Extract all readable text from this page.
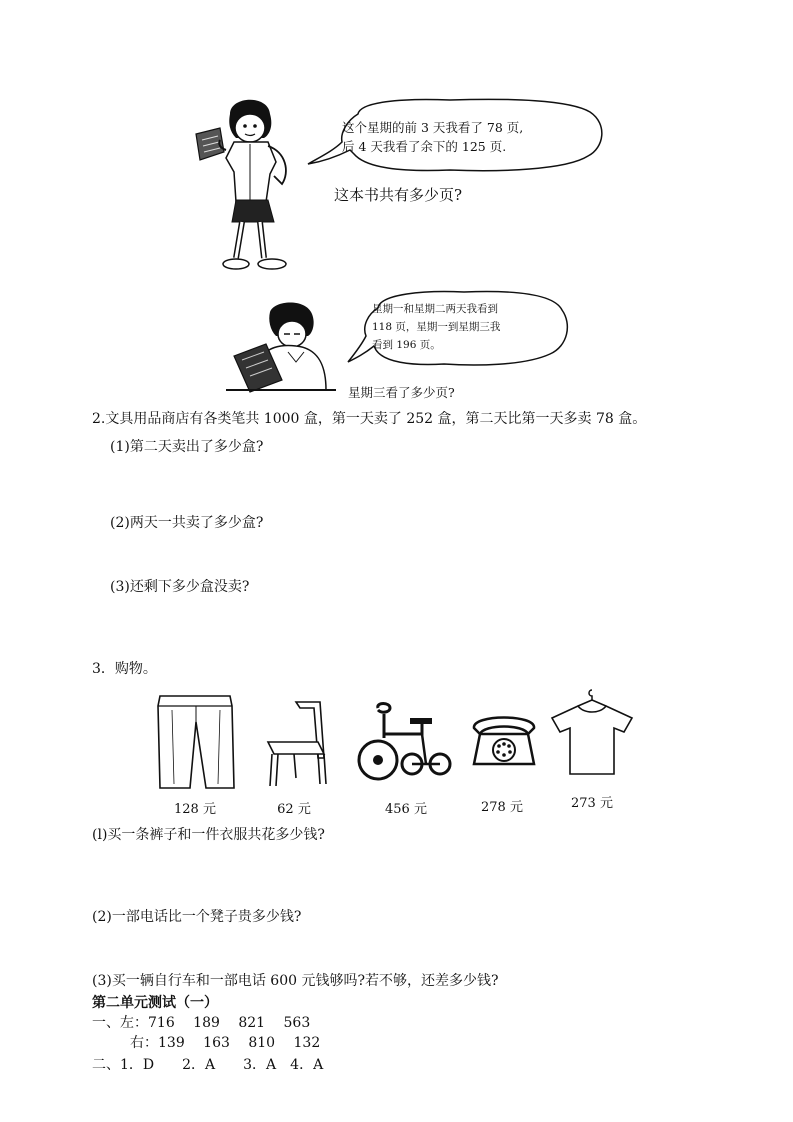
这个星期的前 3 天我看了 78 页,
后 4 天我看了余下的 125 页.
这本书共有多少页?
星期一和星期二两天我看到
118 页，星期一到星期三我
看到 196 页。
星期三看了多少页?
2.文具用品商店有各类笔共 1000 盒，第一天卖了 252 盒，第二天比第一天多卖 78 盒。
(1)第二天卖出了多少盒?
(2)两天一共卖了多少盒?
(3)还剩下多少盒没卖?
3．购物。
128 元	62 元	456 元	278 元	273 元
(l)买一条裤子和一件衣服共花多少钱?
(2)一部电话比一个凳子贵多少钱?
(3)买一辆自行车和一部电话 600 元钱够吗?若不够，还差多少钱?
第二单元测试（一）
一、左：716　 189　 821　 563
右：139　 163　 810　 132
二、1．D　　2．A　　3．A　4．A
